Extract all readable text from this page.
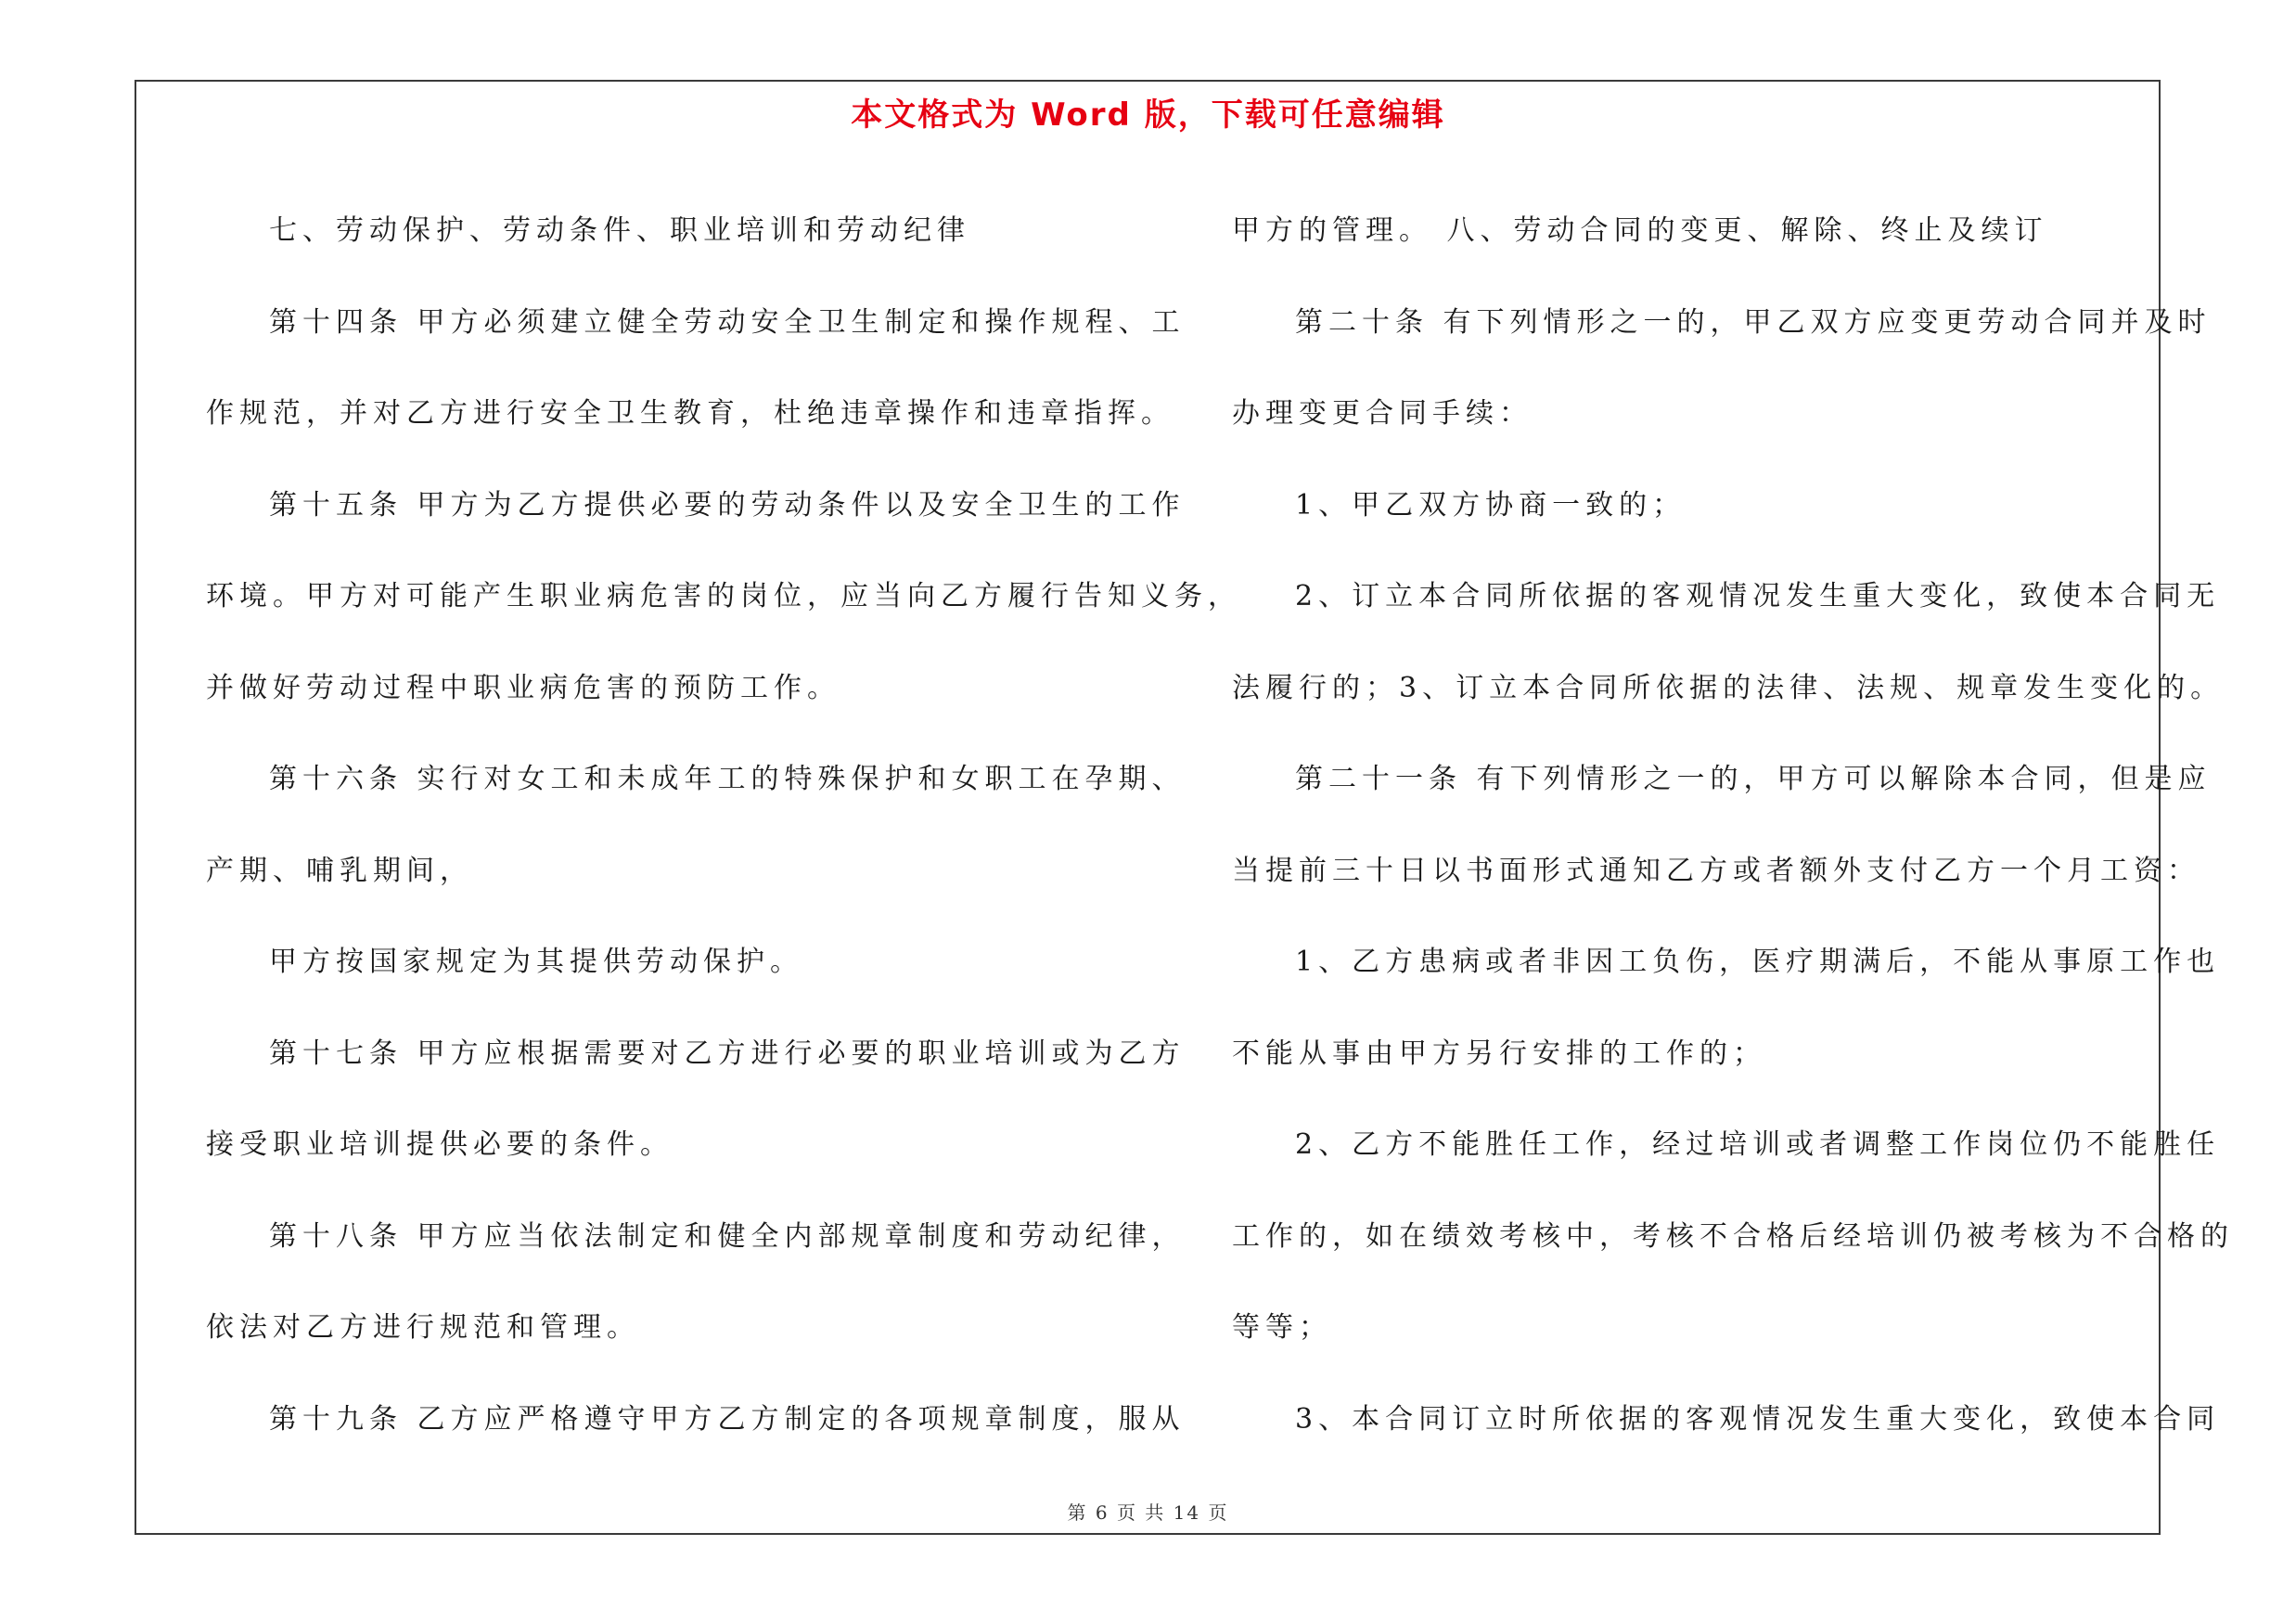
本文格式为 Word 版，下载可任意编辑

七、劳动保护、劳动条件、职业培训和劳动纪律

第十四条 甲方必须建立健全劳动安全卫生制定和操作规程、工

作规范，并对乙方进行安全卫生教育，杜绝违章操作和违章指挥。

第十五条 甲方为乙方提供必要的劳动条件以及安全卫生的工作

环境。甲方对可能产生职业病危害的岗位，应当向乙方履行告知义务，

并做好劳动过程中职业病危害的预防工作。

第十六条 实行对女工和未成年工的特殊保护和女职工在孕期、

产期、哺乳期间，

甲方按国家规定为其提供劳动保护。

第十七条 甲方应根据需要对乙方进行必要的职业培训或为乙方

接受职业培训提供必要的条件。

第十八条 甲方应当依法制定和健全内部规章制度和劳动纪律，

依法对乙方进行规范和管理。

第十九条 乙方应严格遵守甲方乙方制定的各项规章制度，服从

甲方的管理。 八、劳动合同的变更、解除、终止及续订

第二十条 有下列情形之一的，甲乙双方应变更劳动合同并及时

办理变更合同手续：

1、甲乙双方协商一致的；

2、订立本合同所依据的客观情况发生重大变化，致使本合同无

法履行的；3、订立本合同所依据的法律、法规、规章发生变化的。

第二十一条 有下列情形之一的，甲方可以解除本合同，但是应

当提前三十日以书面形式通知乙方或者额外支付乙方一个月工资：

1、乙方患病或者非因工负伤，医疗期满后，不能从事原工作也

不能从事由甲方另行安排的工作的；

2、乙方不能胜任工作，经过培训或者调整工作岗位仍不能胜任

工作的，如在绩效考核中，考核不合格后经培训仍被考核为不合格的

等等；

3、本合同订立时所依据的客观情况发生重大变化，致使本合同

第 6 页 共 14 页
